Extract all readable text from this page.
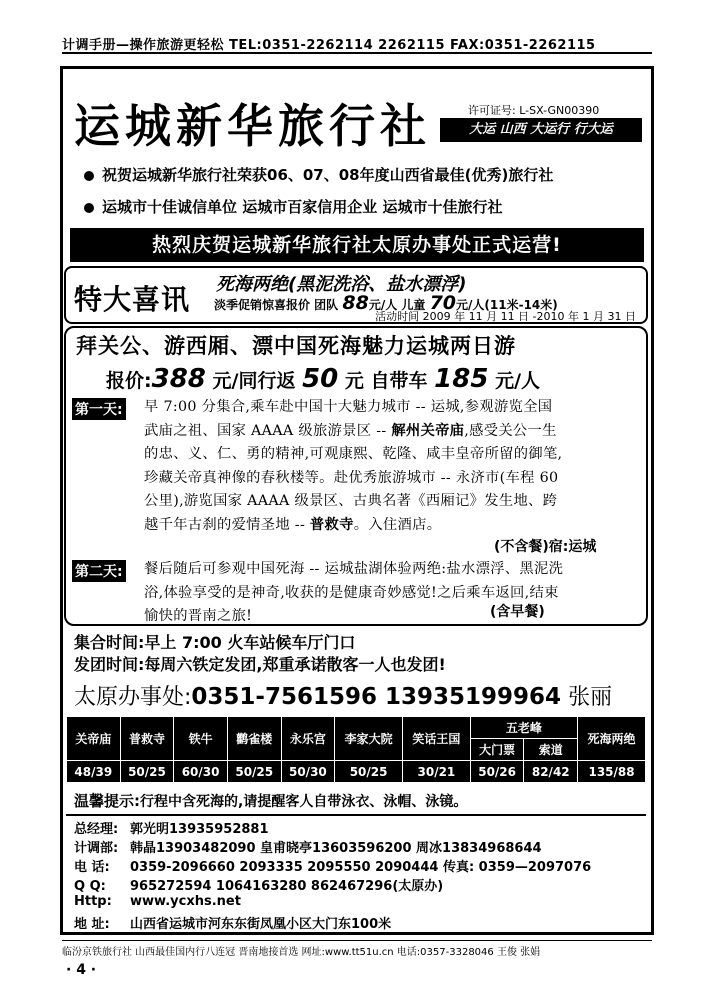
计调手册—操作旅游更轻松 TEL:0351-2262114 2262115 FAX:0351-2262115
运城新华旅行社	许可证号: L-SX-GN00390
大运 山西 大运行 行大运
祝贺运城新华旅行社荣获06、07、08年度山西省最佳(优秀)旅行社
运城市十佳诚信单位 运城市百家信用企业 运城市十佳旅行社
热烈庆贺运城新华旅行社太原办事处正式运营!
特大喜讯 死海两绝(黑泥洗浴、盐水漂浮)
淡季促销惊喜报价 团队 88元/人 儿童 70元/人(11米-14米)
活动时间 2009 年 11 月 11 日 -2010 年 1 月 31 日
拜关公、游西厢、漂中国死海魅力运城两日游
报价:388 元/同行返 50 元 自带车 185 元/人
第一天: 早 7:00 分集合,乘车赴中国十大魅力城市 -- 运城,参观游览全国武庙之祖、国家 AAAA 级旅游景区 -- 解州关帝庙,感受关公一生的忠、义、仁、勇的精神,可观康熙、乾隆、咸丰皇帝所留的御笔,珍藏关帝真神像的春秋楼等。赴优秀旅游城市 -- 永济市(车程 60 公里),游览国家 AAAA 级景区、古典名著《西厢记》发生地、跨越千年古刹的爱情圣地 -- 普救寺。入住酒店。
(不含餐)宿:运城
第二天: 餐后随后可参观中国死海 -- 运城盐湖体验两绝:盐水漂浮、黑泥洗浴,体验享受的是神奇,收获的是健康奇妙感觉!之后乘车返回,结束愉快的晋南之旅!	(含早餐)
集合时间:早上 7:00 火车站候车厅门口
发团时间:每周六铁定发团,郑重承诺散客一人也发团!
太原办事处:0351-7561596 13935199964 张丽
关帝庙	普救寺	铁牛	鹳雀楼	永乐宫	李家大院	笑话王国	五老峰		死海两绝
							大门票	索道	
48/39	50/25	60/30	50/25	50/30	50/25	30/21	50/26	82/42	135/88
温馨提示:行程中含死海的,请提醒客人自带泳衣、泳帽、泳镜。
总经理: 郭光明13935952881
计调部: 韩晶13903482090 皇甫晓亭13603596200 周冰13834968644
电 话: 0359-2096660 2093335 2095550 2090444 传真: 0359—2097076
Q Q: 965272594 1064163280 862467296(太原办)
Http: www.ycxhs.net
地 址: 山西省运城市河东东街凤凰小区大门东100米
临汾京铁旅行社 山西最佳国内行八连冠 晋南地接首选 网址:www.tt51u.cn 电话:0357-3328046 王俊 张娟
· 4 ·
